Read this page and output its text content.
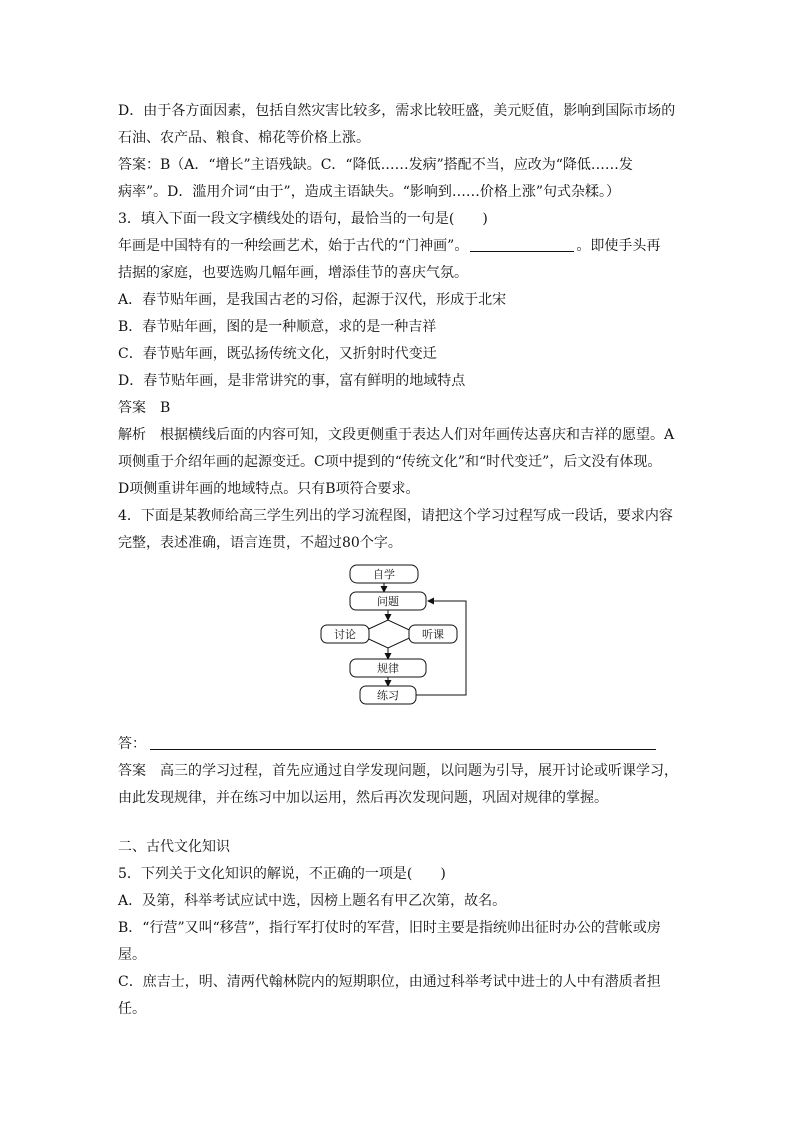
D．由于各方面因素，包括自然灾害比较多，需求比较旺盛，美元贬值，影响到国际市场的

石油、农产品、粮食、棉花等价格上涨。

答案：B（A．“增长”主语残缺。C．“降低……发病”搭配不当，应改为“降低……发

病率”。D．滥用介词“由于”，造成主语缺失。“影响到……价格上涨”句式杂糅。）

3．填入下面一段文字横线处的语句，最恰当的一句是(　　)

年画是中国特有的一种绘画艺术，始于古代的“门神画”。	。即使手头再

拮据的家庭，也要选购几幅年画，增添佳节的喜庆气氛。

A．春节贴年画，是我国古老的习俗，起源于汉代，形成于北宋

B．春节贴年画，图的是一种顺意，求的是一种吉祥

C．春节贴年画，既弘扬传统文化，又折射时代变迁

D．春节贴年画，是非常讲究的事，富有鲜明的地域特点

答案　B

解析　根据横线后面的内容可知，文段更侧重于表达人们对年画传达喜庆和吉祥的愿望。A

项侧重于介绍年画的起源变迁。C项中提到的“传统文化”和“时代变迁”，后文没有体现。

D项侧重讲年画的地域特点。只有B项符合要求。

4．下面是某教师给高三学生列出的学习流程图，请把这个学习过程写成一段话，要求内容

完整，表述准确，语言连贯，不超过80个字。

自学
问题
讨论	听课
规律
练习

答：

答案　高三的学习过程，首先应通过自学发现问题，以问题为引导，展开讨论或听课学习，

由此发现规律，并在练习中加以运用，然后再次发现问题，巩固对规律的掌握。

二、古代文化知识

5．下列关于文化知识的解说，不正确的一项是(　　)

A．及第，科举考试应试中选，因榜上题名有甲乙次第，故名。

B．“行营”又叫“移营”，指行军打仗时的军营，旧时主要是指统帅出征时办公的营帐或房

屋。

C．庶吉士，明、清两代翰林院内的短期职位，由通过科举考试中进士的人中有潜质者担任。
